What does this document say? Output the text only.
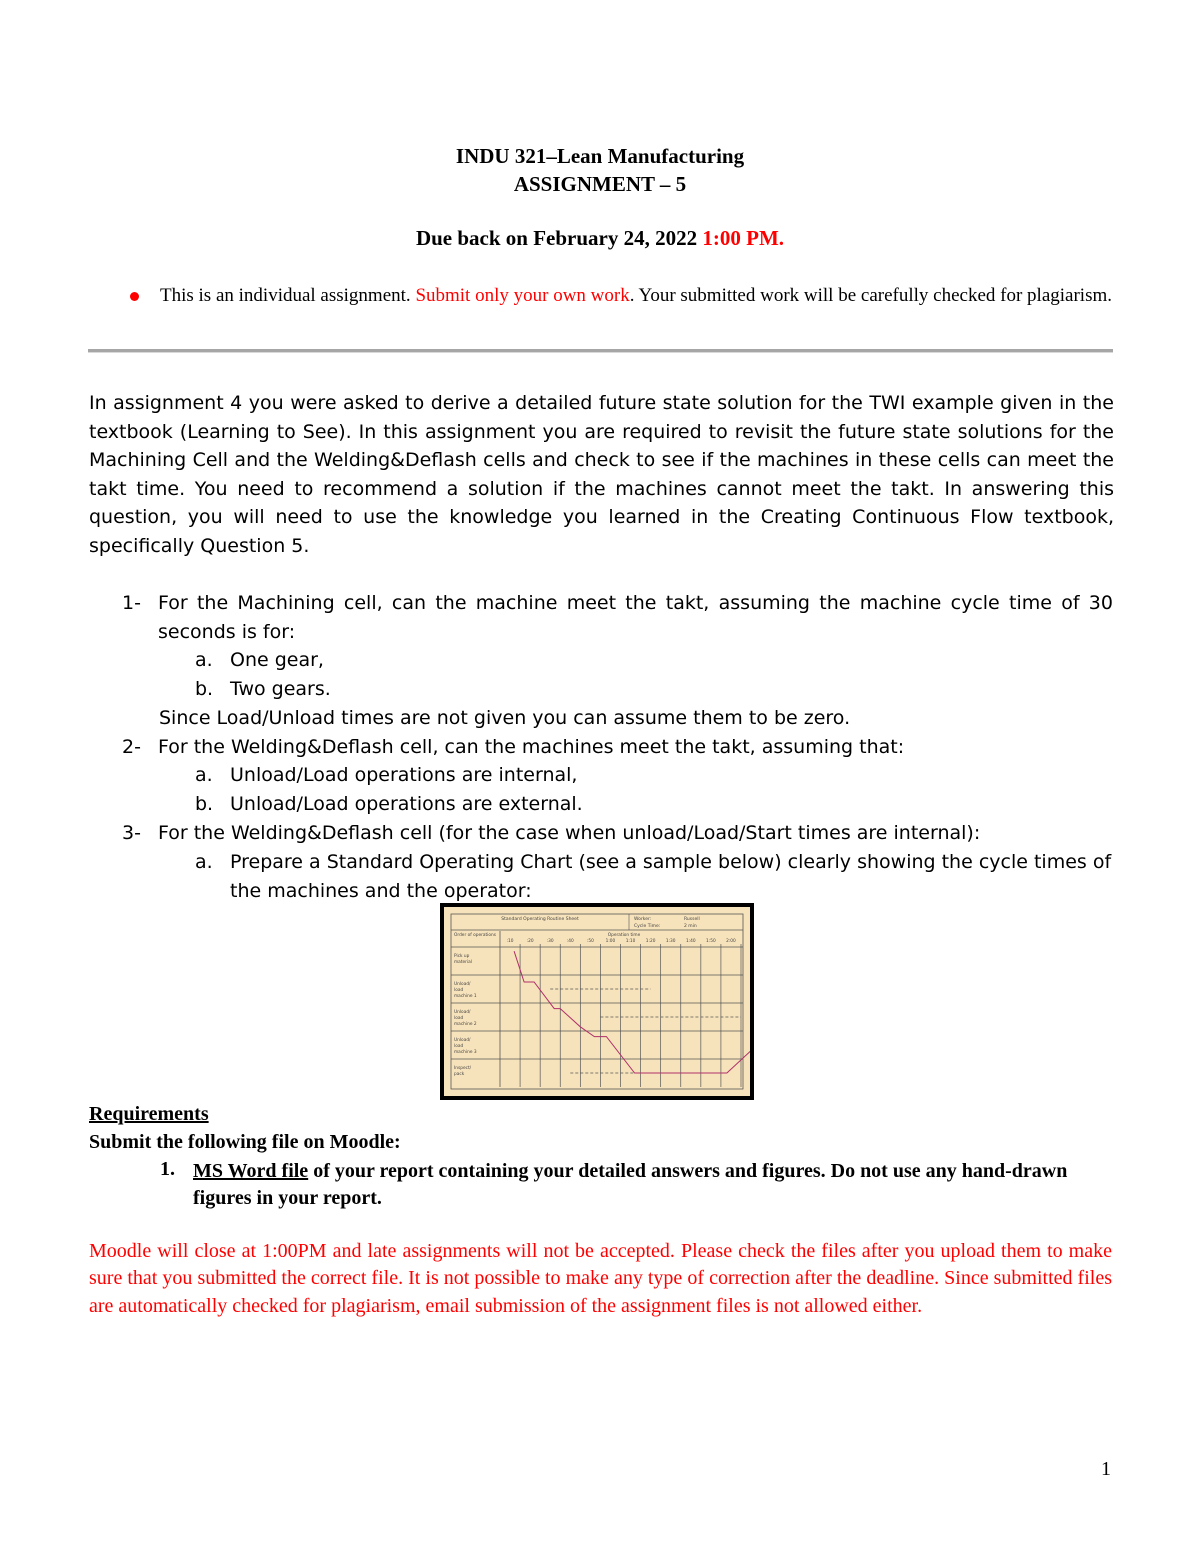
INDU 321–Lean Manufacturing
ASSIGNMENT – 5
Due back on February 24, 2022 1:00 PM.
This is an individual assignment. Submit only your own work. Your submitted work will be carefully checked for plagiarism.
In assignment 4 you were asked to derive a detailed future state solution for the TWI example given in the textbook (Learning to See). In this assignment you are required to revisit the future state solutions for the Machining Cell and the Welding&Deflash cells and check to see if the machines in these cells can meet the takt time. You need to recommend a solution if the machines cannot meet the takt. In answering this question, you will need to use the knowledge you learned in the Creating Continuous Flow textbook, specifically Question 5.
1- For the Machining cell, can the machine meet the takt, assuming the machine cycle time of 30 seconds is for:
a. One gear,
b. Two gears.
Since Load/Unload times are not given you can assume them to be zero.
2- For the Welding&Deflash cell, can the machines meet the takt, assuming that:
a. Unload/Load operations are internal,
b. Unload/Load operations are external.
3- For the Welding&Deflash cell (for the case when unload/Load/Start times are internal):
a. Prepare a Standard Operating Chart (see a sample below) clearly showing the cycle times of the machines and the operator:
Standard Operating Routine Sheet	Worker:	Russell
Cycle Time:	2 min
Order of operations	Operation time
:10	:20	:30	:40	:50	1:00 1:10 1:20 1:30 1:40 1:50 2:00
Pick up material
Unload/ load machine 1
Unload/ load machine 2
Unload/ load machine 3
Inspect/ pack
Requirements
Submit the following file on Moodle:
1. MS Word file of your report containing your detailed answers and figures. Do not use any hand-drawn figures in your report.
Moodle will close at 1:00PM and late assignments will not be accepted. Please check the files after you upload them to make sure that you submitted the correct file. It is not possible to make any type of correction after the deadline. Since submitted files are automatically checked for plagiarism, email submission of the assignment files is not allowed either.
1
